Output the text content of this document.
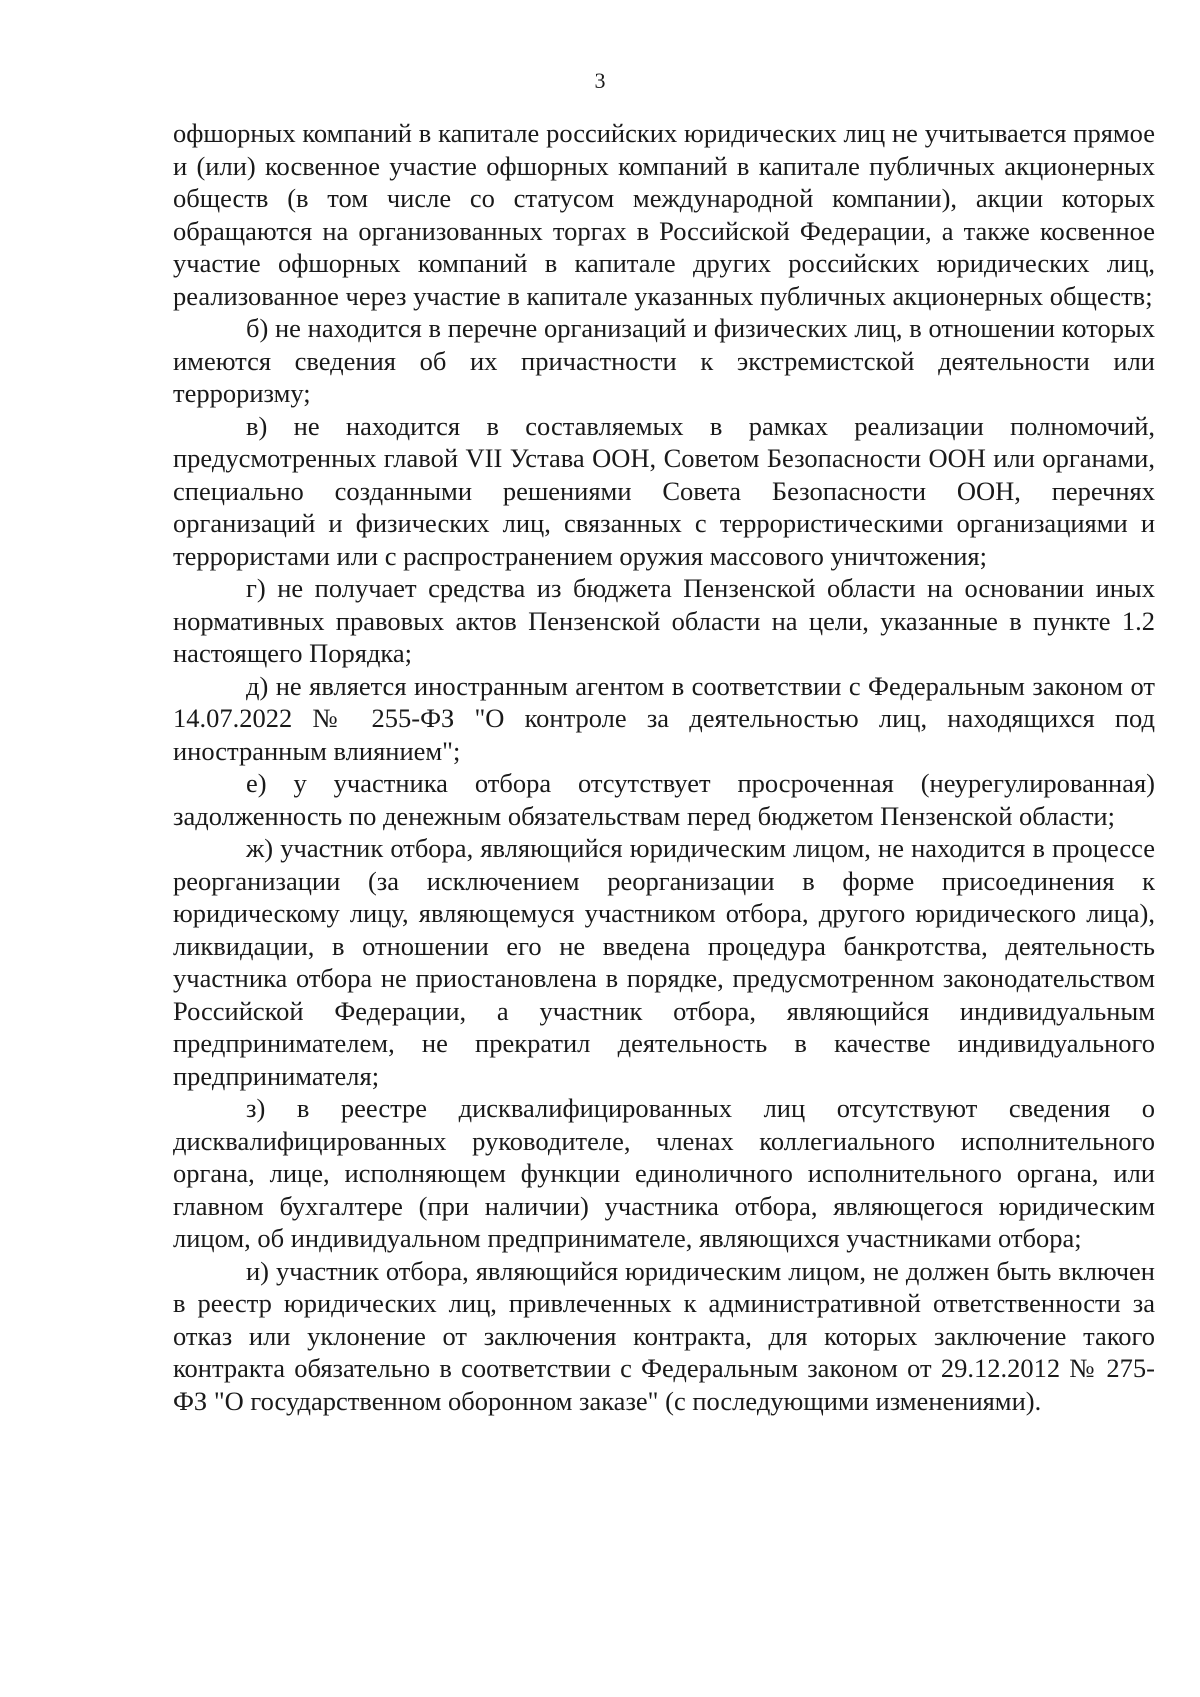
3

офшорных компаний в капитале российских юридических лиц не учитывается прямое и (или) косвенное участие офшорных компаний в капитале публичных акционерных обществ (в том числе со статусом международной компании), акции которых обращаются на организованных торгах в Российской Федерации, а также косвенное участие офшорных компаний в капитале других российских юридических лиц, реализованное через участие в капитале указанных публичных акционерных обществ;

б) не находится в перечне организаций и физических лиц, в отношении которых имеются сведения об их причастности к экстремистской деятельности или терроризму;

в) не находится в составляемых в рамках реализации полномочий, предусмотренных главой VII Устава ООН, Советом Безопасности ООН или органами, специально созданными решениями Совета Безопасности ООН, перечнях организаций и физических лиц, связанных с террористическими организациями и террористами или с распространением оружия массового уничтожения;

г) не получает средства из бюджета Пензенской области на основании иных нормативных правовых актов Пензенской области на цели, указанные в пункте 1.2 настоящего Порядка;

д) не является иностранным агентом в соответствии с Федеральным законом от 14.07.2022 № 255-ФЗ "О контроле за деятельностью лиц, находящихся под иностранным влиянием";

е) у участника отбора отсутствует просроченная (неурегулированная) задолженность по денежным обязательствам перед бюджетом Пензенской области;

ж) участник отбора, являющийся юридическим лицом, не находится в процессе реорганизации (за исключением реорганизации в форме присоединения к юридическому лицу, являющемуся участником отбора, другого юридического лица), ликвидации, в отношении его не введена процедура банкротства, деятельность участника отбора не приостановлена в порядке, предусмотренном законодательством Российской Федерации, а участник отбора, являющийся индивидуальным предпринимателем, не прекратил деятельность в качестве индивидуального предпринимателя;

з) в реестре дисквалифицированных лиц отсутствуют сведения о дисквалифицированных руководителе, членах коллегиального исполнительного органа, лице, исполняющем функции единоличного исполнительного органа, или главном бухгалтере (при наличии) участника отбора, являющегося юридическим лицом, об индивидуальном предпринимателе, являющихся участниками отбора;

и) участник отбора, являющийся юридическим лицом, не должен быть включен в реестр юридических лиц, привлеченных к административной ответственности за отказ или уклонение от заключения контракта, для которых заключение такого контракта обязательно в соответствии с Федеральным законом от 29.12.2012 № 275-ФЗ "О государственном оборонном заказе" (с последующими изменениями).
